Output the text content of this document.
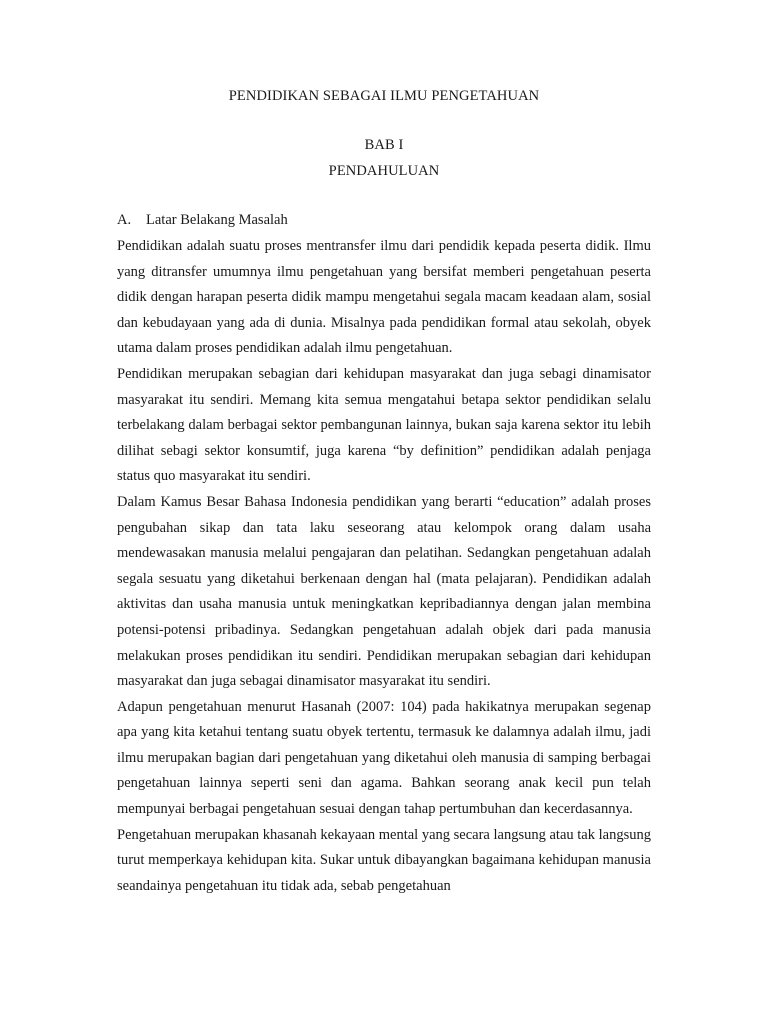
PENDIDIKAN SEBAGAI ILMU PENGETAHUAN
BAB I
PENDAHULUAN
A. Latar Belakang Masalah

Pendidikan adalah suatu proses mentransfer ilmu dari pendidik kepada peserta didik. Ilmu yang ditransfer umumnya ilmu pengetahuan yang bersifat memberi pengetahuan peserta didik dengan harapan peserta didik mampu mengetahui segala macam keadaan alam, sosial dan kebudayaan yang ada di dunia. Misalnya pada pendidikan formal atau sekolah, obyek utama dalam proses pendidikan adalah ilmu pengetahuan.

Pendidikan merupakan sebagian dari kehidupan masyarakat dan juga sebagi dinamisator masyarakat itu sendiri. Memang kita semua mengatahui betapa sektor pendidikan selalu terbelakang dalam berbagai sektor pembangunan lainnya, bukan saja karena sektor itu lebih dilihat sebagi sektor konsumtif, juga karena “by definition” pendidikan adalah penjaga status quo masyarakat itu sendiri.

Dalam Kamus Besar Bahasa Indonesia pendidikan yang berarti “education” adalah proses pengubahan sikap dan tata laku seseorang atau kelompok orang dalam usaha mendewasakan manusia melalui pengajaran dan pelatihan. Sedangkan pengetahuan adalah segala sesuatu yang diketahui berkenaan dengan hal (mata pelajaran). Pendidikan adalah aktivitas dan usaha manusia untuk meningkatkan kepribadiannya dengan jalan membina potensi-potensi pribadinya. Sedangkan pengetahuan adalah objek dari pada manusia melakukan proses pendidikan itu sendiri. Pendidikan merupakan sebagian dari kehidupan masyarakat dan juga sebagai dinamisator masyarakat itu sendiri.

Adapun pengetahuan menurut Hasanah (2007: 104) pada hakikatnya merupakan segenap apa yang kita ketahui tentang suatu obyek tertentu, termasuk ke dalamnya adalah ilmu, jadi ilmu merupakan bagian dari pengetahuan yang diketahui oleh manusia di samping berbagai pengetahuan lainnya seperti seni dan agama. Bahkan seorang anak kecil pun telah mempunyai berbagai pengetahuan sesuai dengan tahap pertumbuhan dan kecerdasannya.

Pengetahuan merupakan khasanah kekayaan mental yang secara langsung atau tak langsung turut memperkaya kehidupan kita. Sukar untuk dibayangkan bagaimana kehidupan manusia seandainya pengetahuan itu tidak ada, sebab pengetahuan
